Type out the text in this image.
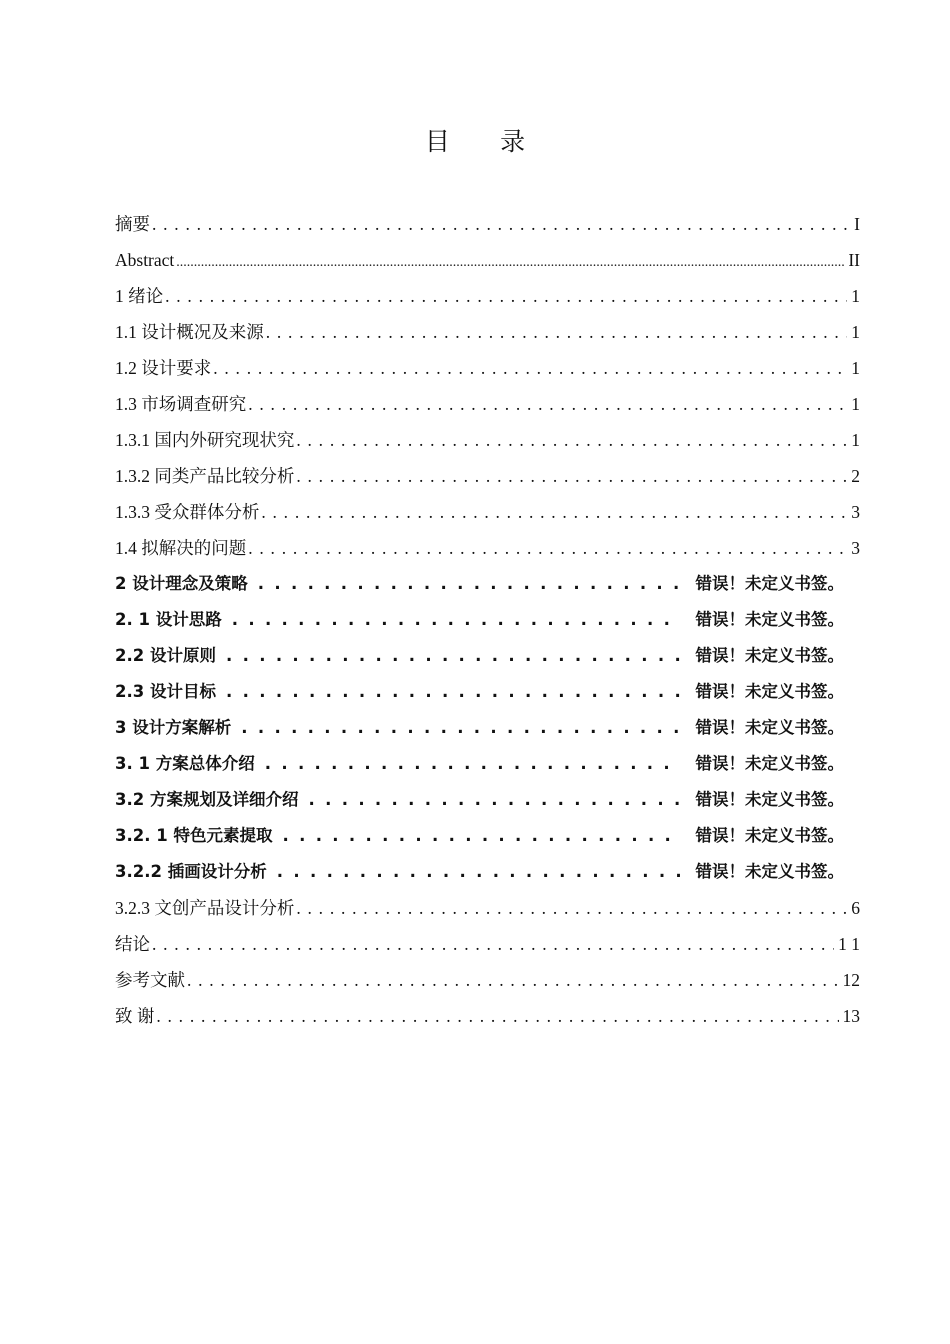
目 录
摘要 . . .	I
Abstract .....	II
1 绪论 . . .	1
1.1 设计概况及来源 . . .	1
1.2 设计要求 . . .	1
1.3 市场调查研究 . . .	1
1.3.1 国内外研究现状究 . . .	1
1.3.2 同类产品比较分析 . . .	2
1.3.3 受众群体分析 . . .	3
1.4 拟解决的问题 . . .	3
2 设计理念及策略 . . .	错误！未定义书签。
2. 1 设计思路 . . .	错误！未定义书签。
2.2 设计原则 . . .	错误！未定义书签。
2.3 设计目标 . . .	错误！未定义书签。
3 设计方案解析 . . .	错误！未定义书签。
3. 1 方案总体介绍 . . .	错误！未定义书签。
3.2 方案规划及详细介绍 . . .	错误！未定义书签。
3.2. 1 特色元素提取 . . .	错误！未定义书签。
3.2.2 插画设计分析 . . .	错误！未定义书签。
3.2.3 文创产品设计分析 . . .	6
结论 . . .	1 1
参考文献 . . .	12
致 谢 . . .	13
